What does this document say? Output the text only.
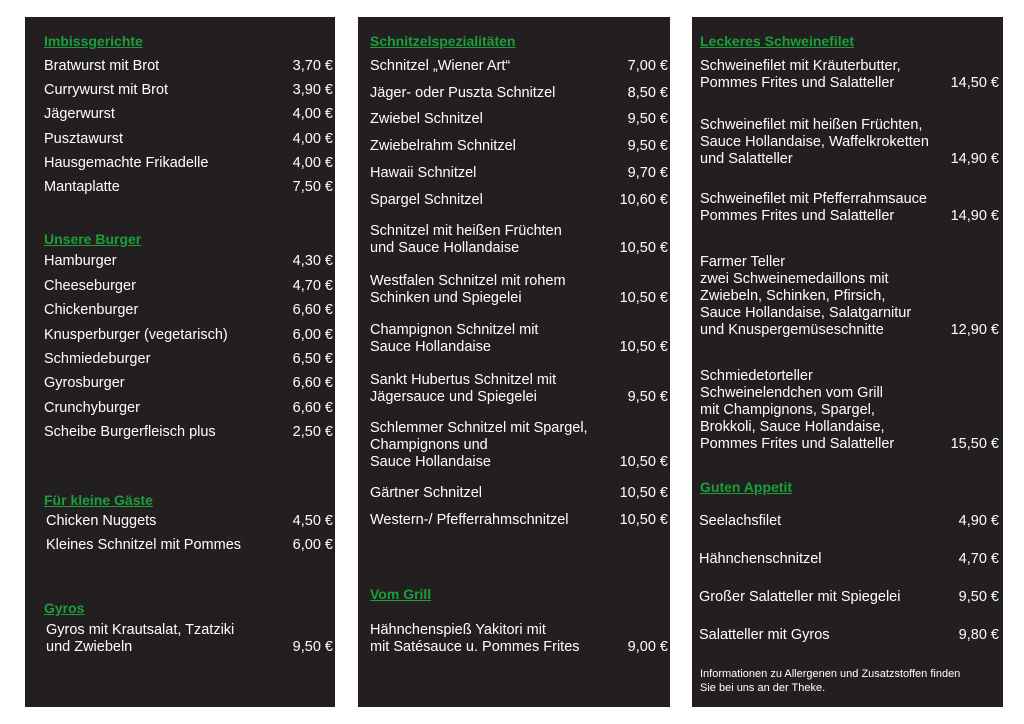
Imbissgerichte
Bratwurst mit Brot	3,70 €
Currywurst mit Brot	3,90 €
Jägerwurst	4,00 €
Pusztawurst	4,00 €
Hausgemachte Frikadelle	4,00 €
Mantaplatte	7,50 €
Unsere Burger
Hamburger	4,30 €
Cheeseburger	4,70 €
Chickenburger	6,60 €
Knusperburger (vegetarisch)	6,00 €
Schmiedeburger	6,50 €
Gyrosburger	6,60 €
Crunchyburger	6,60 €
Scheibe Burgerfleisch plus	2,50 €
Für kleine Gäste
Chicken Nuggets	4,50 €
Kleines Schnitzel mit Pommes	6,00 €
Gyros
Gyros mit Krautsalat, Tzatziki
und Zwiebeln	9,50 €
Schnitzelspezialitäten
Schnitzel „Wiener Art“	7,00 €
Jäger- oder Puszta Schnitzel	8,50 €
Zwiebel Schnitzel	9,50 €
Zwiebelrahm Schnitzel	9,50 €
Hawaii Schnitzel	9,70 €
Spargel Schnitzel	10,60 €
Schnitzel mit heißen Früchten
und Sauce Hollandaise	10,50 €
Westfalen Schnitzel mit rohem
Schinken und Spiegelei	10,50 €
Champignon Schnitzel mit
Sauce Hollandaise	10,50 €
Sankt Hubertus Schnitzel mit
Jägersauce und Spiegelei	9,50 €
Schlemmer Schnitzel mit Spargel,
Champignons und
Sauce Hollandaise	10,50 €
Gärtner Schnitzel	10,50 €
Western-/ Pfefferrahmschnitzel	10,50 €
Vom Grill
Hähnchenspieß Yakitori mit
mit Satésauce u. Pommes Frites	9,00 €
Leckeres Schweinefilet
Schweinefilet mit Kräuterbutter,
Pommes Frites und Salatteller	14,50 €
Schweinefilet mit heißen Früchten,
Sauce Hollandaise, Waffelkroketten
und Salatteller	14,90 €
Schweinefilet mit Pfefferrahmsauce
Pommes Frites und Salatteller	14,90 €
Farmer Teller
zwei Schweinemedaillons mit
Zwiebeln, Schinken, Pfirsich,
Sauce Hollandaise, Salatgarnitur
und Knuspergemüseschnitte	12,90 €
Schmiedetorteller
Schweinelendchen vom Grill
mit Champignons, Spargel,
Brokkoli, Sauce Hollandaise,
Pommes Frites und Salatteller	15,50 €
Guten Appetit
Seelachsfilet	4,90 €
Hähnchenschnitzel	4,70 €
Großer Salatteller mit Spiegelei	9,50 €
Salatteller mit Gyros	9,80 €
Informationen zu Allergenen und Zusatzstoffen finden
Sie bei uns an der Theke.
